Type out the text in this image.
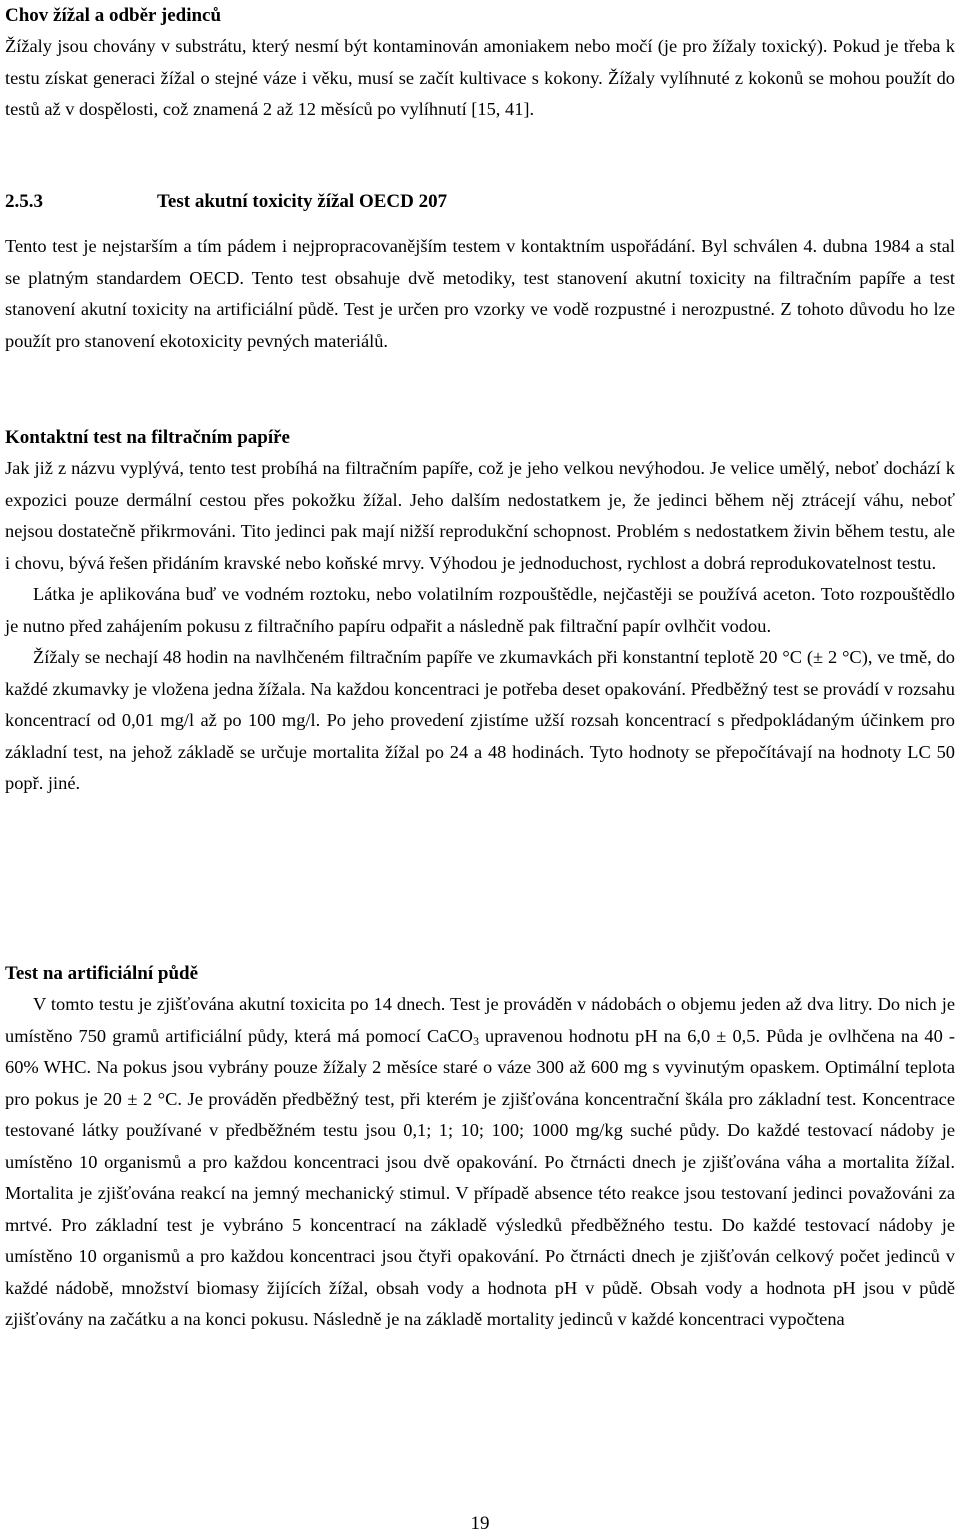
Chov žížal a odběr jedinců

Žížaly jsou chovány v substrátu, který nesmí být kontaminován amoniakem nebo močí (je pro žížaly toxický). Pokud je třeba k testu získat generaci žížal o stejné váze i věku, musí se začít kultivace s kokony. Žížaly vylíhnuté z kokonů se mohou použít do testů až v dospělosti, což znamená 2 až 12 měsíců po vylíhnutí [15, 41].

2.5.3	Test akutní toxicity žížal OECD 207

Tento test je nejstarším a tím pádem i nejpropracovanějším testem v kontaktním uspořádání. Byl schválen 4. dubna 1984 a stal se platným standardem OECD. Tento test obsahuje dvě metodiky, test stanovení akutní toxicity na filtračním papíře a test stanovení akutní toxicity na artificiální půdě. Test je určen pro vzorky ve vodě rozpustné i nerozpustné. Z tohoto důvodu ho lze použít pro stanovení ekotoxicity pevných materiálů.

Kontaktní test na filtračním papíře

Jak již z názvu vyplývá, tento test probíhá na filtračním papíře, což je jeho velkou nevýhodou. Je velice umělý, neboť dochází k expozici pouze dermální cestou přes pokožku žížal. Jeho dalším nedostatkem je, že jedinci během něj ztrácejí váhu, neboť nejsou dostatečně přikrmováni. Tito jedinci pak mají nižší reprodukční schopnost. Problém s nedostatkem živin během testu, ale i chovu, bývá řešen přidáním kravské nebo koňské mrvy. Výhodou je jednoduchost, rychlost a dobrá reprodukovatelnost testu.

Látka je aplikována buď ve vodném roztoku, nebo volatilním rozpouštědle, nejčastěji se používá aceton. Toto rozpouštědlo je nutno před zahájením pokusu z filtračního papíru odpařit a následně pak filtrační papír ovlhčit vodou.

Žížaly se nechají 48 hodin na navlhčeném filtračním papíře ve zkumavkách při konstantní teplotě 20 °C (± 2 °C), ve tmě, do každé zkumavky je vložena jedna žížala. Na každou koncentraci je potřeba deset opakování. Předběžný test se provádí v rozsahu koncentrací od 0,01 mg/l až po 100 mg/l. Po jeho provedení zjistíme užší rozsah koncentrací s předpokládaným účinkem pro základní test, na jehož základě se určuje mortalita žížal po 24 a 48 hodinách. Tyto hodnoty se přepočítávají na hodnoty LC 50 popř. jiné.

Test na artificiální půdě

V tomto testu je zjišťována akutní toxicita po 14 dnech. Test je prováděn v nádobách o objemu jeden až dva litry. Do nich je umístěno 750 gramů artificiální půdy, která má pomocí CaCO$_3$ upravenou hodnotu pH na 6,0 ± 0,5. Půda je ovlhčena na 40 - 60% WHC. Na pokus jsou vybrány pouze žížaly 2 měsíce staré o váze 300 až 600 mg s vyvinutým opaskem. Optimální teplota pro pokus je 20 ± 2 °C. Je prováděn předběžný test, při kterém je zjišťována koncentrační škála pro základní test. Koncentrace testované látky používané v předběžném testu jsou 0,1; 1; 10; 100; 1000 mg/kg suché půdy. Do každé testovací nádoby je umístěno 10 organismů a pro každou koncentraci jsou dvě opakování. Po čtrnácti dnech je zjišťována váha a mortalita žížal. Mortalita je zjišťována reakcí na jemný mechanický stimul. V případě absence této reakce jsou testovaní jedinci považováni za mrtvé. Pro základní test je vybráno 5 koncentrací na základě výsledků předběžného testu. Do každé testovací nádoby je umístěno 10 organismů a pro každou koncentraci jsou čtyři opakování. Po čtrnácti dnech je zjišťován celkový počet jedinců v každé nádobě, množství biomasy žijících žížal, obsah vody a hodnota pH v půdě. Obsah vody a hodnota pH jsou v půdě zjišťovány na začátku a na konci pokusu. Následně je na základě mortality jedinců v každé koncentraci vypočtena

19
